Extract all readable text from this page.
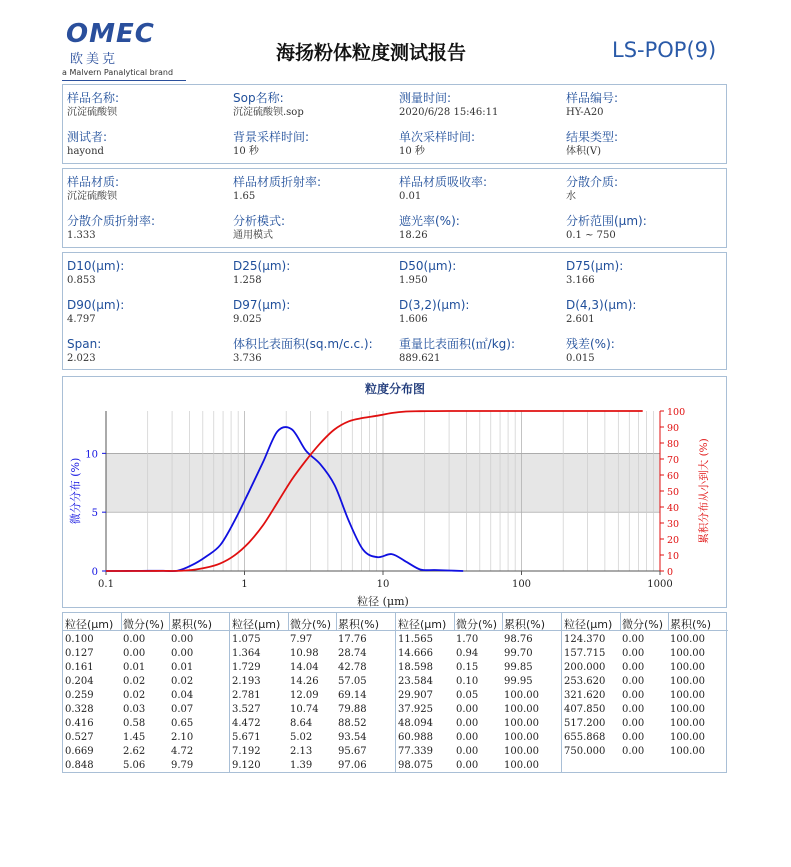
OMEC
欧美克
a Malvern Panalytical brand
海扬粉体粒度测试报告	LS-POP(9)
样品名称:
沉淀硫酸钡
Sop名称:
沉淀硫酸钡.sop
测量时间:
2020/6/28 15:46:11
样品编号:
HY-A20
测试者:
hayond
背景采样时间:
10 秒
单次采样时间:
10 秒
结果类型:
体积(V)
样品材质:
沉淀硫酸钡
样品材质折射率:
1.65
样品材质吸收率:
0.01
分散介质:
水
分散介质折射率:
1.333
分析模式:
通用模式
遮光率(%):
18.26
分析范围(μm):
0.1 ~ 750
D10(μm):
0.853
D25(μm):
1.258
D50(μm):
1.950
D75(μm):
3.166
D90(μm):
4.797
D97(μm):
9.025
D(3,2)(μm):
1.606
D(4,3)(μm):
2.601
Span:
2.023
体积比表面积(sq.m/c.c.):
3.736
重量比表面积(㎡/kg):
889.621
残差(%):
0.015
粒度分布图
0.1	1	10	100	1000
0
5
10
0
10
20
30
40
50
60
70
80
90
100
粒径 (μm)
微分分布 (%)	累积分布从小到大 (%)
粒径(μm) 微分(%) 累积(%)
0.100	0.00	0.00
0.127	0.00	0.00
0.161	0.01	0.01
0.204	0.02	0.02
0.259	0.02	0.04
0.328	0.03	0.07
0.416	0.58	0.65
0.527	1.45	2.10
0.669	2.62	4.72
0.848	5.06	9.79
粒径(μm) 微分(%) 累积(%)
1.075	7.97	17.76
1.364	10.98 28.74
1.729	14.04 42.78
2.193	14.26 57.05
2.781	12.09 69.14
3.527	10.74 79.88
4.472	8.64	88.52
5.671	5.02	93.54
7.192	2.13	95.67
9.120	1.39	97.06
粒径(μm) 微分(%) 累积(%)
11.565 1.70	98.76
14.666 0.94	99.70
18.598 0.15	99.85
23.584 0.10	99.95
29.907 0.05	100.00
37.925 0.00	100.00
48.094 0.00	100.00
60.988 0.00	100.00
77.339 0.00	100.00
98.075 0.00	100.00
粒径(μm) 微分(%) 累积(%)
124.370 0.00	100.00
157.715 0.00	100.00
200.000 0.00	100.00
253.620 0.00	100.00
321.620 0.00	100.00
407.850 0.00	100.00
517.200 0.00	100.00
655.868 0.00	100.00
750.000 0.00	100.00
